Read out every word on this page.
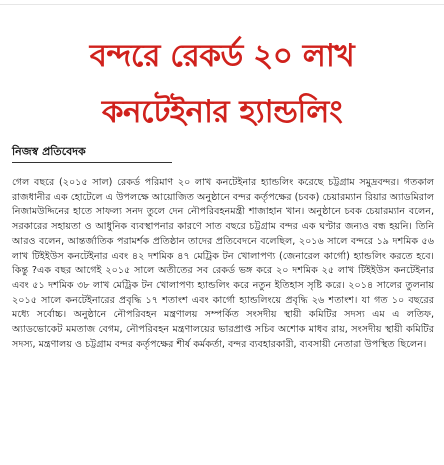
বন্দরে রেকর্ড ২০ লাখ
কনটেইনার হ্যান্ডলিং
নিজস্ব প্রতিবেদক

গেল বছরে (২০১৫ সাল) রেকর্ড পরিমাণ ২০ লাখ কনটেইনার হ্যান্ডলিং করেছে চট্টগ্রাম সমুদ্রবন্দর। গতকাল রাজধানীর এক হোটেলে এ উপলক্ষে আয়োজিত অনুষ্ঠানে বন্দর কর্তৃপক্ষের (চবক) চেয়ারম্যান রিয়ার অ্যাডমিরাল নিজামউদ্দিনের হাতে সাফল্য সনদ তুলে দেন নৌপরিবহনমন্ত্রী শাজাহান খান। অনুষ্ঠানে চবক চেয়ারম্যান বলেন, সরকারের সহায়তা ও আধুনিক ব্যবস্থাপনার কারণে সাত বছরে চট্টগ্রাম বন্দর এক ঘণ্টার জন্যও বন্ধ হয়নি। তিনি আরও বলেন, আন্তর্জাতিক পরামর্শক প্রতিষ্ঠান তাদের প্রতিবেদনে বলেছিল, ২০১৬ সালে বন্দরে ১৯ দশমিক ৫৬ লাখ টিইইউস কনটেইনার এবং ৪২ দশমিক ৪৭ মেট্রিক টন খোলাপণ্য (জেনারেল কার্গো) হ্যান্ডলিং করতে হবে। কিন্তু ?এক বছর আগেই ২০১৫ সালে অতীতের সব রেকর্ড ভঙ্গ করে ২০ দশমিক ২৫ লাখ টিইইউস কনটেইনার এবং ৫১ দশমিক ৩৮ লাখ মেট্রিক টন খোলাপণ্য হ্যান্ডলিং করে নতুন ইতিহাস সৃষ্টি করে। ২০১৪ সালের তুলনায় ২০১৫ সালে কনটেইনারের প্রবৃদ্ধি ১৭ শতাংশ এবং কার্গো হ্যান্ডলিংয়ে প্রবৃদ্ধি ২৬ শতাংশ। যা গত ১০ বছরের মধ্যে সর্বোচ্চ। অনুষ্ঠানে নৌপরিবহন মন্ত্রণালয় সম্পর্কিত সংসদীয় স্থায়ী কমিটির সদস্য এম এ লতিফ, অ্যাডভোকেট মমতাজ বেগম, নৌপরিবহন মন্ত্রণালয়ের ভারপ্রাপ্ত সচিব অশোক মাধব রায়, সংসদীয় স্থায়ী কমিটির সদস্য, মন্ত্রণালয় ও চট্টগ্রাম বন্দর কর্তৃপক্ষের শীর্ষ কর্মকর্তা, বন্দর ব্যবহারকারী, ব্যবসায়ী নেতারা উপস্থিত ছিলেন।
